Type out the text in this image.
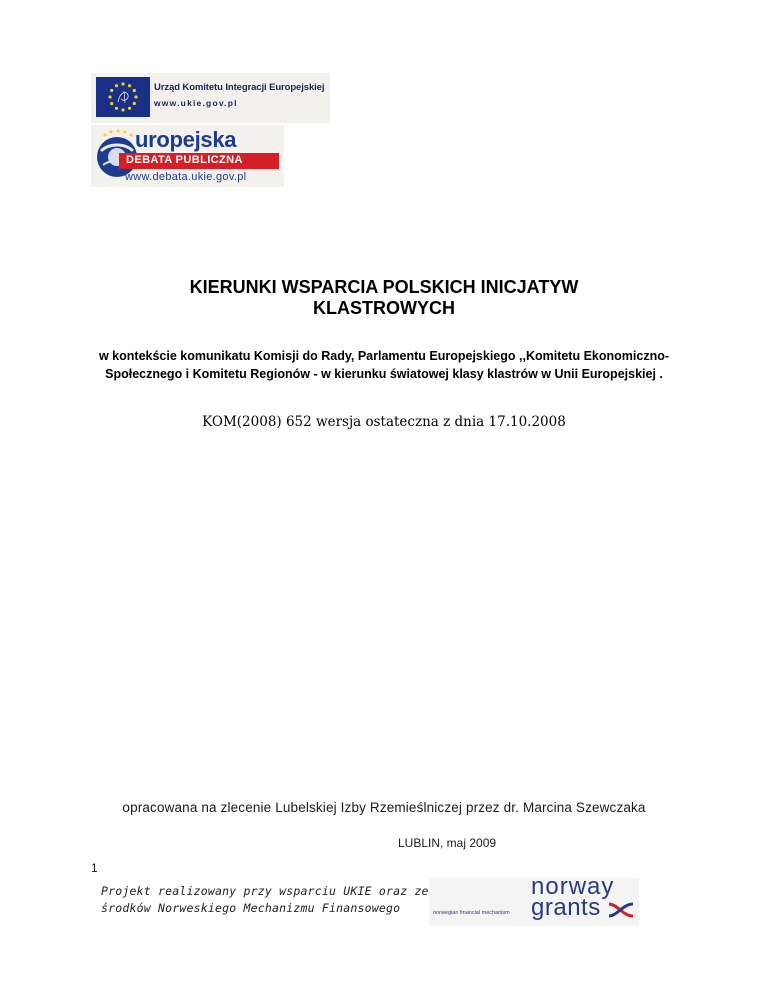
Urząd Komitetu Integracji Europejskiej
www.ukie.gov.pl
uropejska
DEBATA PUBLICZNA
www.debata.ukie.gov.pl
KIERUNKI WSPARCIA POLSKICH INICJATYW
KLASTROWYCH
w kontekście komunikatu Komisji do Rady, Parlamentu Europejskiego ,,Komitetu Ekonomiczno-Społecznego i Komitetu Regionów - w kierunku światowej klasy klastrów w Unii Europejskiej .
KOM(2008) 652 wersja ostateczna z dnia 17.10.2008
opracowana na zlecenie Lubelskiej Izby Rzemieślniczej przez dr. Marcina Szewczaka
LUBLIN, maj 2009
1
Projekt realizowany przy wsparciu UKIE oraz ze
środków Norweskiego Mechanizmu Finansowego	norwegian financial mechanism
norway
grants
